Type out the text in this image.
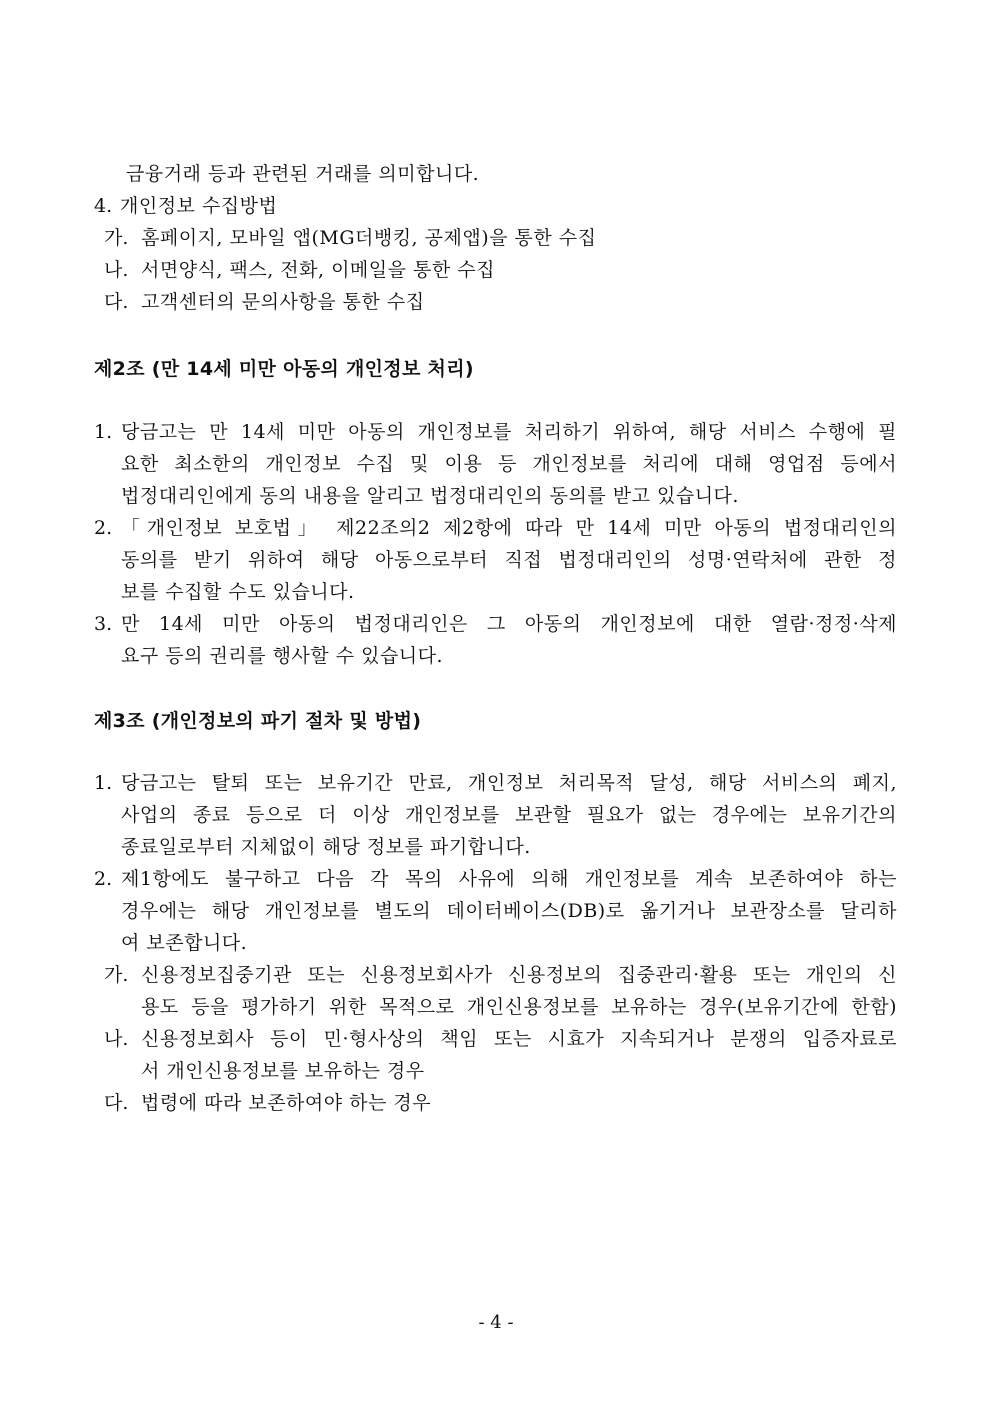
금융거래 등과 관련된 거래를 의미합니다.
4. 개인정보 수집방법
가. 홈페이지, 모바일 앱(MG더뱅킹, 공제앱)을 통한 수집
나. 서면양식, 팩스, 전화, 이메일을 통한 수집
다. 고객센터의 문의사항을 통한 수집
제2조 (만 14세 미만 아동의 개인정보 처리)
1. 당금고는 만 14세 미만 아동의 개인정보를 처리하기 위하여, 해당 서비스 수행에 필
요한 최소한의 개인정보 수집 및 이용 등 개인정보를 처리에 대해 영업점 등에서
법정대리인에게 동의 내용을 알리고 법정대리인의 동의를 받고 있습니다.
2. 「개인정보 보호법」 제22조의2 제2항에 따라 만 14세 미만 아동의 법정대리인의
동의를 받기 위하여 해당 아동으로부터 직접 법정대리인의 성명·연락처에 관한 정
보를 수집할 수도 있습니다.
3. 만 14세 미만 아동의 법정대리인은 그 아동의 개인정보에 대한 열람·정정·삭제
요구 등의 권리를 행사할 수 있습니다.
제3조 (개인정보의 파기 절차 및 방법)
1. 당금고는 탈퇴 또는 보유기간 만료, 개인정보 처리목적 달성, 해당 서비스의 폐지,
사업의 종료 등으로 더 이상 개인정보를 보관할 필요가 없는 경우에는 보유기간의
종료일로부터 지체없이 해당 정보를 파기합니다.
2. 제1항에도 불구하고 다음 각 목의 사유에 의해 개인정보를 계속 보존하여야 하는
경우에는 해당 개인정보를 별도의 데이터베이스(DB)로 옮기거나 보관장소를 달리하
여 보존합니다.
가. 신용정보집중기관 또는 신용정보회사가 신용정보의 집중관리·활용 또는 개인의 신
용도 등을 평가하기 위한 목적으로 개인신용정보를 보유하는 경우(보유기간에 한함)
나. 신용정보회사 등이 민·형사상의 책임 또는 시효가 지속되거나 분쟁의 입증자료로
서 개인신용정보를 보유하는 경우
다. 법령에 따라 보존하여야 하는 경우
- 4 -
